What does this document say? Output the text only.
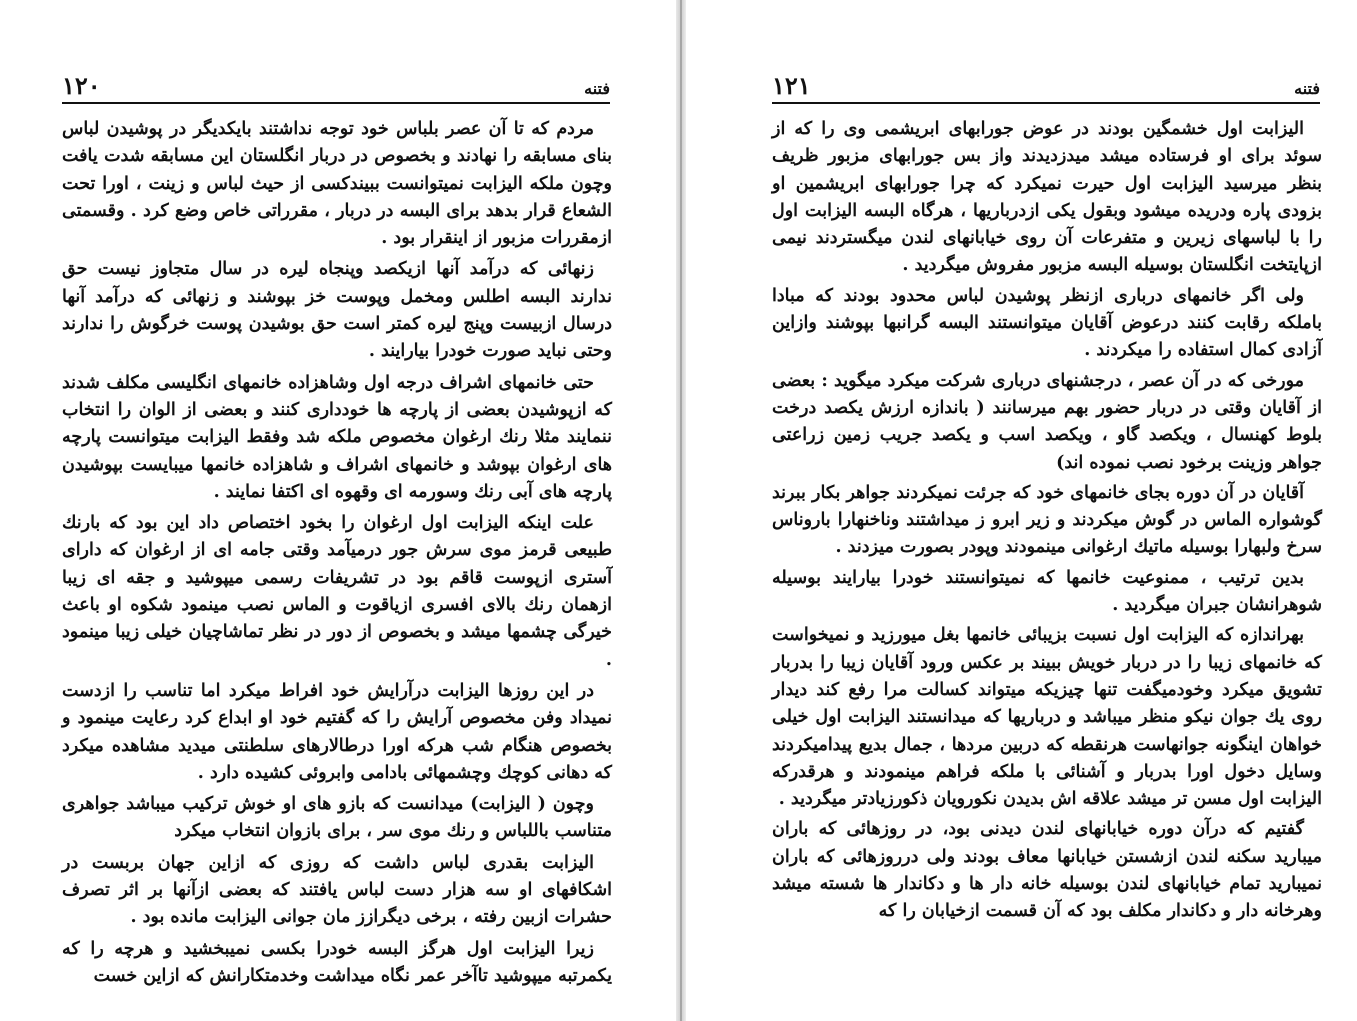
فتنه
۱۲۰

مردم که تا آن عصر بلباس خود توجه نداشتند بایکدیگر در پوشیدن لباس بنای مسابقه را نهادند و بخصوص در دربار انگلستان این مسابقه شدت یافت وچون ملکه الیزابت نمیتوانست ببیندکسی از حیث لباس و زینت ، اورا تحت الشعاع قرار بدهد برای البسه در دربار ، مقرراتی خاص وضع کرد . وقسمتی ازمقررات مزبور از اینقرار بود .

زنهائی که درآمد آنها ازیکصد وپنجاه لیره در سال متجاوز نیست حق ندارند البسه اطلس ومخمل وپوست خز بپوشند و زنهائی که درآمد آنها درسال ازبیست وپنج لیره کمتر است حق بوشیدن پوست خرگوش را ندارند وحتی نباید صورت خودرا بیارایند .

حتی خانمهای اشراف درجه اول وشاهزاده خانمهای انگلیسی مکلف شدند که ازپوشیدن بعضی از پارچه ها خودداری کنند و بعضی از الوان را انتخاب ننمایند مثلا رنك ارغوان مخصوص ملکه شد وفقط الیزابت میتوانست پارچه های ارغوان بپوشد و خانمهای اشراف و شاهزاده خانمها میبایست بپوشیدن پارچه های آبی رنك وسورمه ای وقهوه ای اکتفا نمایند .

علت اینکه الیزابت اول ارغوان را بخود اختصاص داد این بود که بارنك طبیعی قرمز موی سرش جور درمیآمد وقتی جامه ای از ارغوان که دارای آستری ازپوست قاقم بود در تشریفات رسمی میپوشید و جقه ای زیبا ازهمان رنك بالای افسری ازیاقوت و الماس نصب مینمود شکوه او باعث خیرگی چشمها میشد و بخصوص از دور در نظر تماشاچیان خیلی زیبا مینمود .

در این روزها الیزابت درآرایش خود افراط میکرد اما تناسب را ازدست نمیداد وفن مخصوص آرایش را که گفتیم خود او ابداع کرد رعایت مینمود و بخصوص هنگام شب هرکه اورا درطالارهای سلطنتی میدید مشاهده میکرد که دهانی کوچك وچشمهائی بادامی وابروئی کشیده دارد .

وچون ( الیزابت) میدانست که بازو های او خوش ترکیب میباشد جواهری متناسب باللباس و رنك موی سر ، برای بازوان انتخاب میکرد

الیزابت بقدری لباس داشت که روزی که ازاین جهان بربست در اشکافهای او سه هزار دست لباس یافتند که بعضی ازآنها بر اثر تصرف حشرات ازبین رفته ، برخی دیگرازز مان جوانی الیزابت مانده بود .

زیرا الیزابت اول هرگز البسه خودرا بکسی نمیبخشید و هرچه را که یکمرتبه میپوشید تاآخر عمر نگاه میداشت وخدمتکارانش که ازاین خست

فتنه
۱۲۱

الیزابت اول خشمگین بودند در عوض جورابهای ابریشمی وی را که از سوئد برای او فرستاده میشد میدزدیدند واز بس جورابهای مزبور ظریف بنظر میرسید الیزابت اول حیرت نمیکرد که چرا جورابهای ابریشمین او بزودی پاره ودریده میشود وبقول یکی ازدرباریها ، هرگاه البسه الیزابت اول را با لباسهای زیرین و متفرعات آن روی خیابانهای لندن میگستردند نیمی ازپایتخت انگلستان بوسیله البسه مزبور مفروش میگردید .

ولی اگر خانمهای درباری ازنظر پوشیدن لباس محدود بودند که مبادا باملکه رقابت کنند درعوض آقایان میتوانستند البسه گرانبها بپوشند وازاین آزادی کمال استفاده را میکردند .

مورخی که در آن عصر ، درجشنهای درباری شرکت میکرد میگوید : بعضی از آقایان وقتی در دربار حضور بهم میرسانند ( باندازه ارزش یکصد درخت بلوط کهنسال ، ویکصد گاو ، ویکصد اسب و یکصد جریب زمین زراعتی جواهر وزینت برخود نصب نموده اند)

آقایان در آن دوره بجای خانمهای خود که جرئت نمیکردند جواهر بکار ببرند گوشواره الماس در گوش میکردند و زیر ابرو ز میداشتند وناخنهارا باروناس سرخ ولبهارا بوسیله ماتیك ارغوانی مینمودند وپودر بصورت میزدند .

بدین ترتیب ، ممنوعیت خانمها که نمیتوانستند خودرا بیارایند بوسیله شوهرانشان جبران میگردید .

بهراندازه که الیزابت اول نسبت بزیبائی خانمها بغل میورزید و نمیخواست که خانمهای زیبا را در دربار خویش ببیند بر عکس ورود آقایان زیبا را بدربار تشویق میکرد وخودمیگفت تنها چیزیکه میتواند کسالت مرا رفع کند دیدار روی یك جوان نیکو منظر میباشد و درباریها که میدانستند الیزابت اول خیلی خواهان اینگونه جوانهاست هرنقطه که دربین مردها ، جمال بدیع پیدامیکردند وسایل دخول اورا بدربار و آشنائی با ملکه فراهم مینمودند و هرقدرکه الیزابت اول مسن تر میشد علاقه اش بدیدن نکورویان ذکورزیادتر میگردید .

گفتیم که درآن دوره خیابانهای لندن دیدنی بود، در روزهائی که باران میبارید سکنه لندن ازشستن خیابانها معاف بودند ولی درروزهائی که باران نمیبارید تمام خیابانهای لندن بوسیله خانه دار ها و دکاندار ها شسته میشد وهرخانه دار و دکاندار مکلف بود که آن قسمت ازخیابان را که
